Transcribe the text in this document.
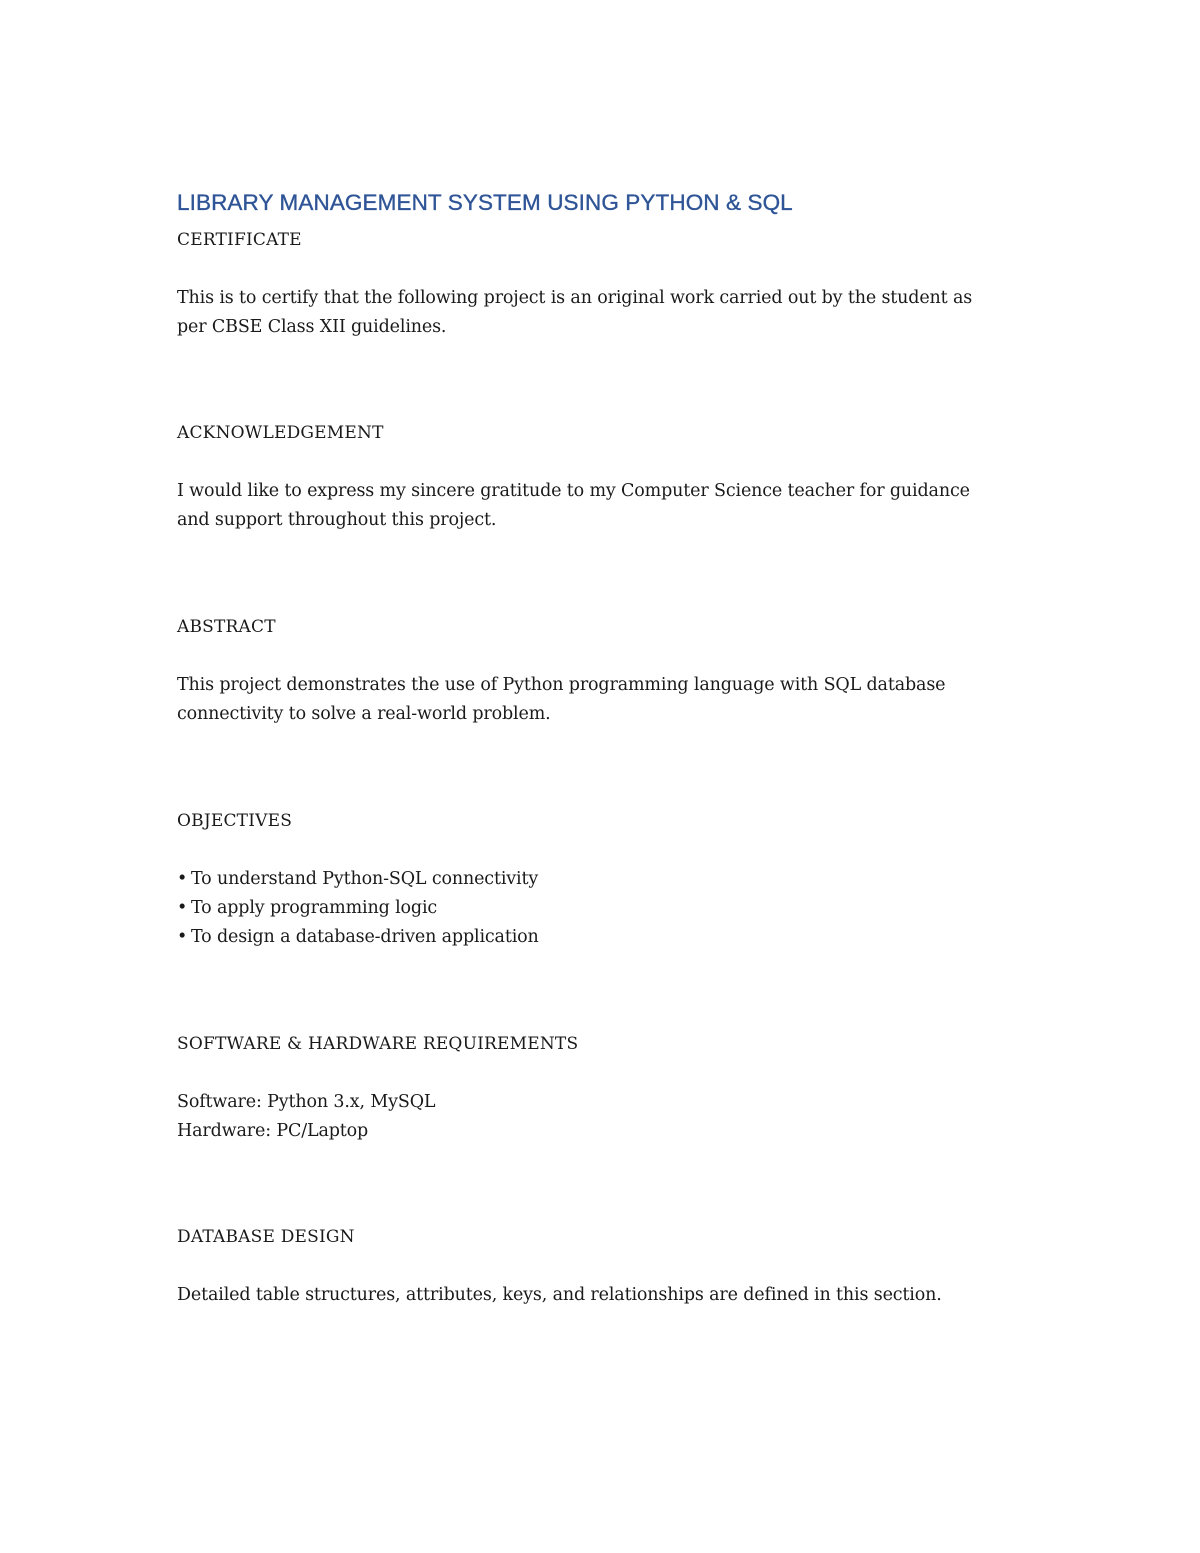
LIBRARY MANAGEMENT SYSTEM USING PYTHON & SQL

CERTIFICATE

This is to certify that the following project is an original work carried out by the student as

per CBSE Class XII guidelines.

ACKNOWLEDGEMENT

I would like to express my sincere gratitude to my Computer Science teacher for guidance

and support throughout this project.

ABSTRACT

This project demonstrates the use of Python programming language with SQL database

connectivity to solve a real-world problem.

OBJECTIVES

• To understand Python-SQL connectivity
• To apply programming logic
• To design a database-driven application

SOFTWARE & HARDWARE REQUIREMENTS

Software: Python 3.x, MySQL

Hardware: PC/Laptop

DATABASE DESIGN

Detailed table structures, attributes, keys, and relationships are defined in this section.
